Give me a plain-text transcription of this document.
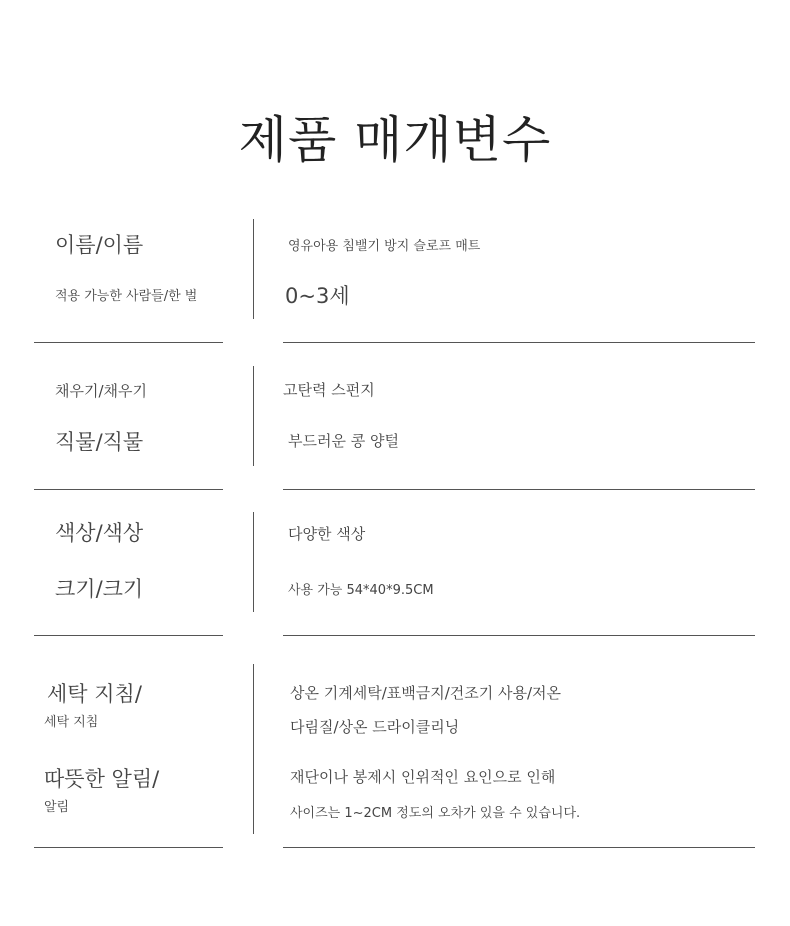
제품 매개변수
이름/이름
적용 가능한 사람들/한 벌
영유아용 침밸기 방지 슬로프 매트
0~3세
채우기/채우기
직물/직물
고탄력 스펀지
부드러운 콩 양털
색상/색상
크기/크기
다양한 색상
사용 가능 54*40*9.5CM
세탁 지침/
세탁 지침
따뜻한 알림/
알림
상온 기계세탁/표백금지/건조기 사용/저온
다림질/상온 드라이클리닝
재단이나 봉제시 인위적인 요인으로 인해
사이즈는 1~2CM 정도의 오차가 있을 수 있습니다.
